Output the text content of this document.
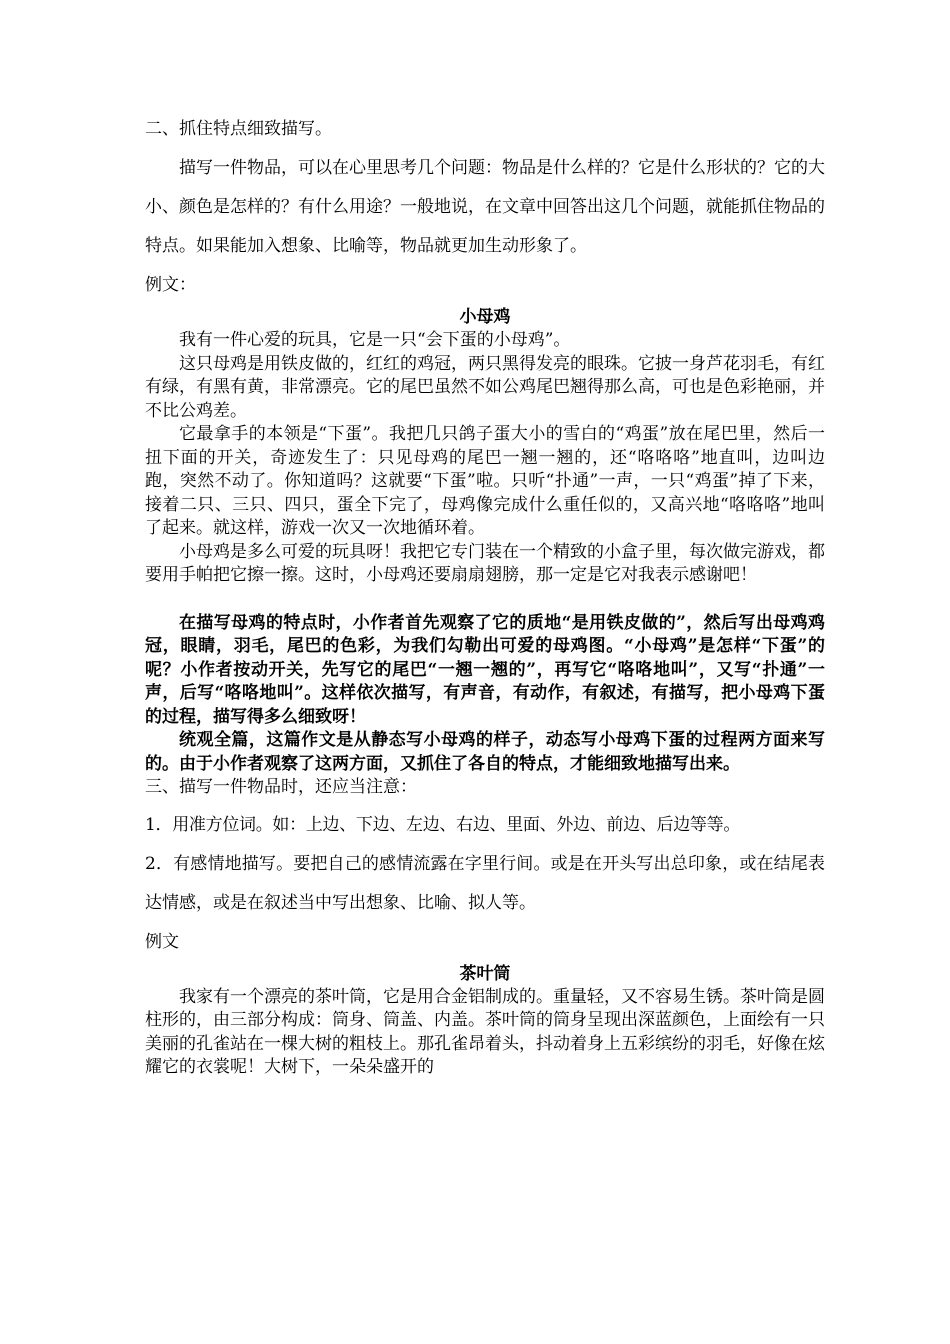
二、抓住特点细致描写。

描写一件物品，可以在心里思考几个问题：物品是什么样的？它是什么形状的？它的大小、颜色是怎样的？有什么用途？一般地说，在文章中回答出这几个问题，就能抓住物品的特点。如果能加入想象、比喻等，物品就更加生动形象了。

例文：

小母鸡

我有一件心爱的玩具，它是一只“会下蛋的小母鸡”。

这只母鸡是用铁皮做的，红红的鸡冠，两只黑得发亮的眼珠。它披一身芦花羽毛，有红有绿，有黑有黄，非常漂亮。它的尾巴虽然不如公鸡尾巴翘得那么高，可也是色彩艳丽，并不比公鸡差。

它最拿手的本领是“下蛋”。我把几只鸽子蛋大小的雪白的“鸡蛋”放在尾巴里，然后一扭下面的开关，奇迹发生了：只见母鸡的尾巴一翘一翘的，还“咯咯咯”地直叫，边叫边跑，突然不动了。你知道吗？这就要“下蛋”啦。只听“扑通”一声，一只“鸡蛋”掉了下来，接着二只、三只、四只，蛋全下完了，母鸡像完成什么重任似的，又高兴地“咯咯咯”地叫了起来。就这样，游戏一次又一次地循环着。

小母鸡是多么可爱的玩具呀！我把它专门装在一个精致的小盒子里，每次做完游戏，都要用手帕把它擦一擦。这时，小母鸡还要扇扇翅膀，那一定是它对我表示感谢吧！

在描写母鸡的特点时，小作者首先观察了它的质地“是用铁皮做的”，然后写出母鸡鸡冠，眼睛，羽毛，尾巴的色彩，为我们勾勒出可爱的母鸡图。“小母鸡”是怎样“下蛋”的呢？小作者按动开关，先写它的尾巴“一翘一翘的”，再写它“咯咯地叫”，又写“扑通”一声，后写“咯咯地叫”。这样依次描写，有声音，有动作，有叙述，有描写，把小母鸡下蛋的过程，描写得多么细致呀！

统观全篇，这篇作文是从静态写小母鸡的样子，动态写小母鸡下蛋的过程两方面来写的。由于小作者观察了这两方面，又抓住了各自的特点，才能细致地描写出来。

三、描写一件物品时，还应当注意：

1．用准方位词。如：上边、下边、左边、右边、里面、外边、前边、后边等等。

2．有感情地描写。要把自己的感情流露在字里行间。或是在开头写出总印象，或在结尾表达情感，或是在叙述当中写出想象、比喻、拟人等。

例文

茶叶筒

我家有一个漂亮的茶叶筒，它是用合金铝制成的。重量轻，又不容易生锈。茶叶筒是圆柱形的，由三部分构成：筒身、筒盖、内盖。茶叶筒的筒身呈现出深蓝颜色，上面绘有一只美丽的孔雀站在一棵大树的粗枝上。那孔雀昂着头，抖动着身上五彩缤纷的羽毛，好像在炫耀它的衣裳呢！大树下，一朵朵盛开的
